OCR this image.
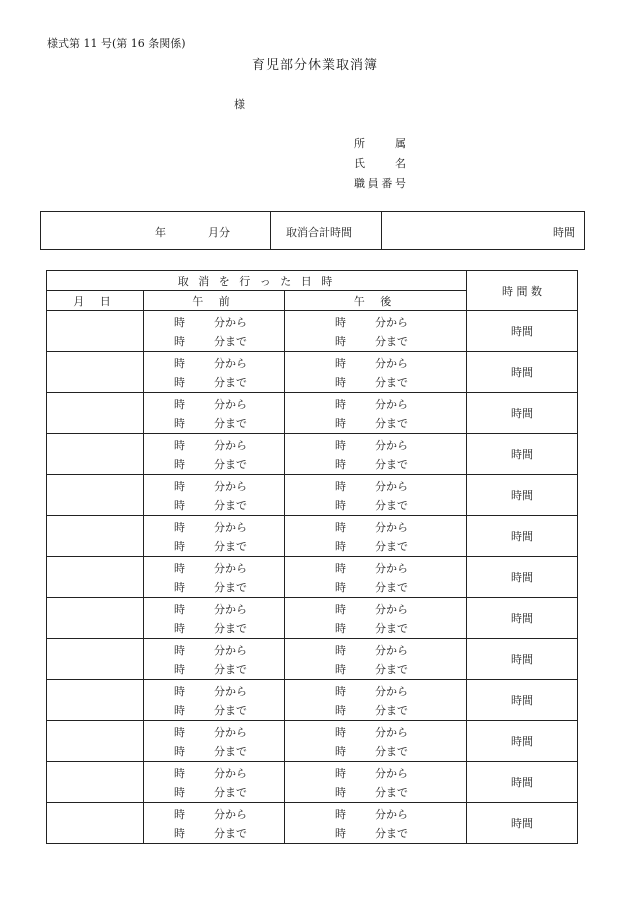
様式第 11 号(第 16 条関係)
育児部分休業取消簿
様
所　属
氏　名
職員番号
年	月分	取消合計時間	時間
取 消 を 行 っ た 日 時			時 間 数
月 日	午 前	午 後	
	時 分から	時 分から	時間
	時 分まで	時 分まで	
	時 分から	時 分から	時間
	時 分まで	時 分まで	
	時 分から	時 分から	時間
	時 分まで	時 分まで	
	時 分から	時 分から	時間
	時 分まで	時 分まで	
	時 分から	時 分から	時間
	時 分まで	時 分まで	
	時 分から	時 分から	時間
	時 分まで	時 分まで	
	時 分から	時 分から	時間
	時 分まで	時 分まで	
	時 分から	時 分から	時間
	時 分まで	時 分まで	
	時 分から	時 分から	時間
	時 分まで	時 分まで	
	時 分から	時 分から	時間
	時 分まで	時 分まで	
	時 分から	時 分から	時間
	時 分まで	時 分まで	
	時 分から	時 分から	時間
	時 分まで	時 分まで	
	時 分から	時 分から	時間
	時 分まで	時 分まで	
